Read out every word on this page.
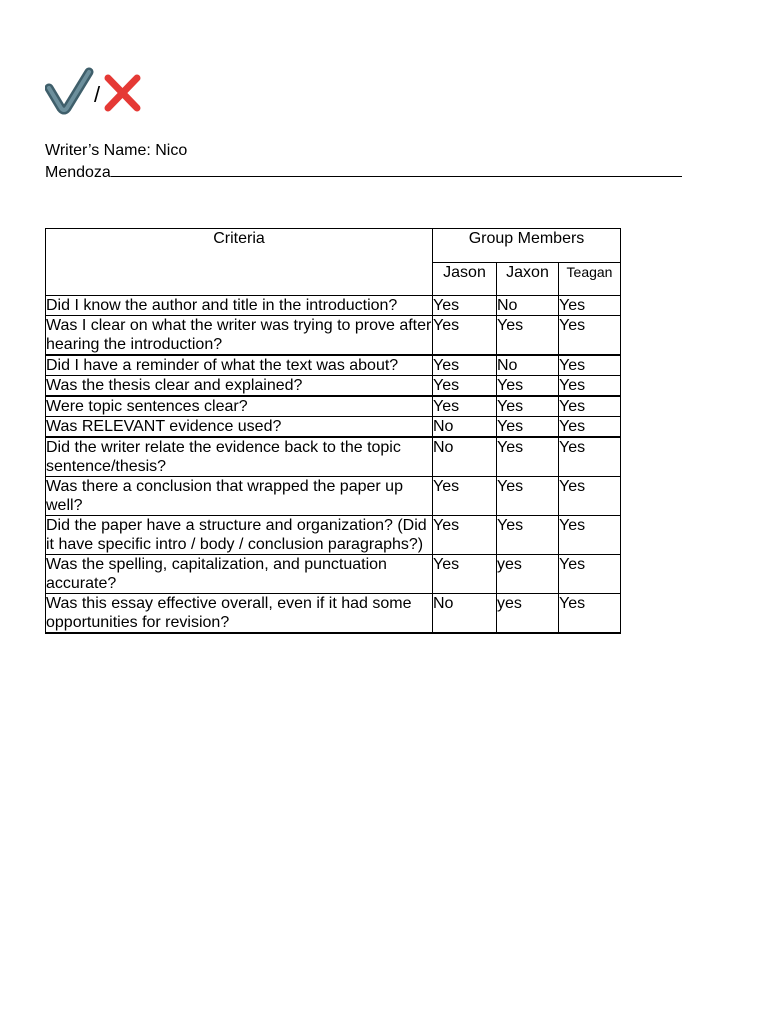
/
Writer’s Name: Nico
Mendoza
Criteria	Group Members		
	Jason	Jaxon	Teagan
Did I know the author and title in the introduction?	Yes	No	Yes
Was I clear on what the writer was trying to prove after hearing the introduction?	Yes	Yes	Yes
Did I have a reminder of what the text was about?	Yes	No	Yes
Was the thesis clear and explained?	Yes	Yes	Yes
Were topic sentences clear?	Yes	Yes	Yes
Was RELEVANT evidence used?	No	Yes	Yes
Did the writer relate the evidence back to the topic sentence/thesis?	No	Yes	Yes
Was there a conclusion that wrapped the paper up well?	Yes	Yes	Yes
Did the paper have a structure and organization? (Did it have specific intro / body / conclusion paragraphs?)	Yes	Yes	Yes
Was the spelling, capitalization, and punctuation accurate?	Yes	yes	Yes
Was this essay effective overall, even if it had some opportunities for revision?	No	yes	Yes
